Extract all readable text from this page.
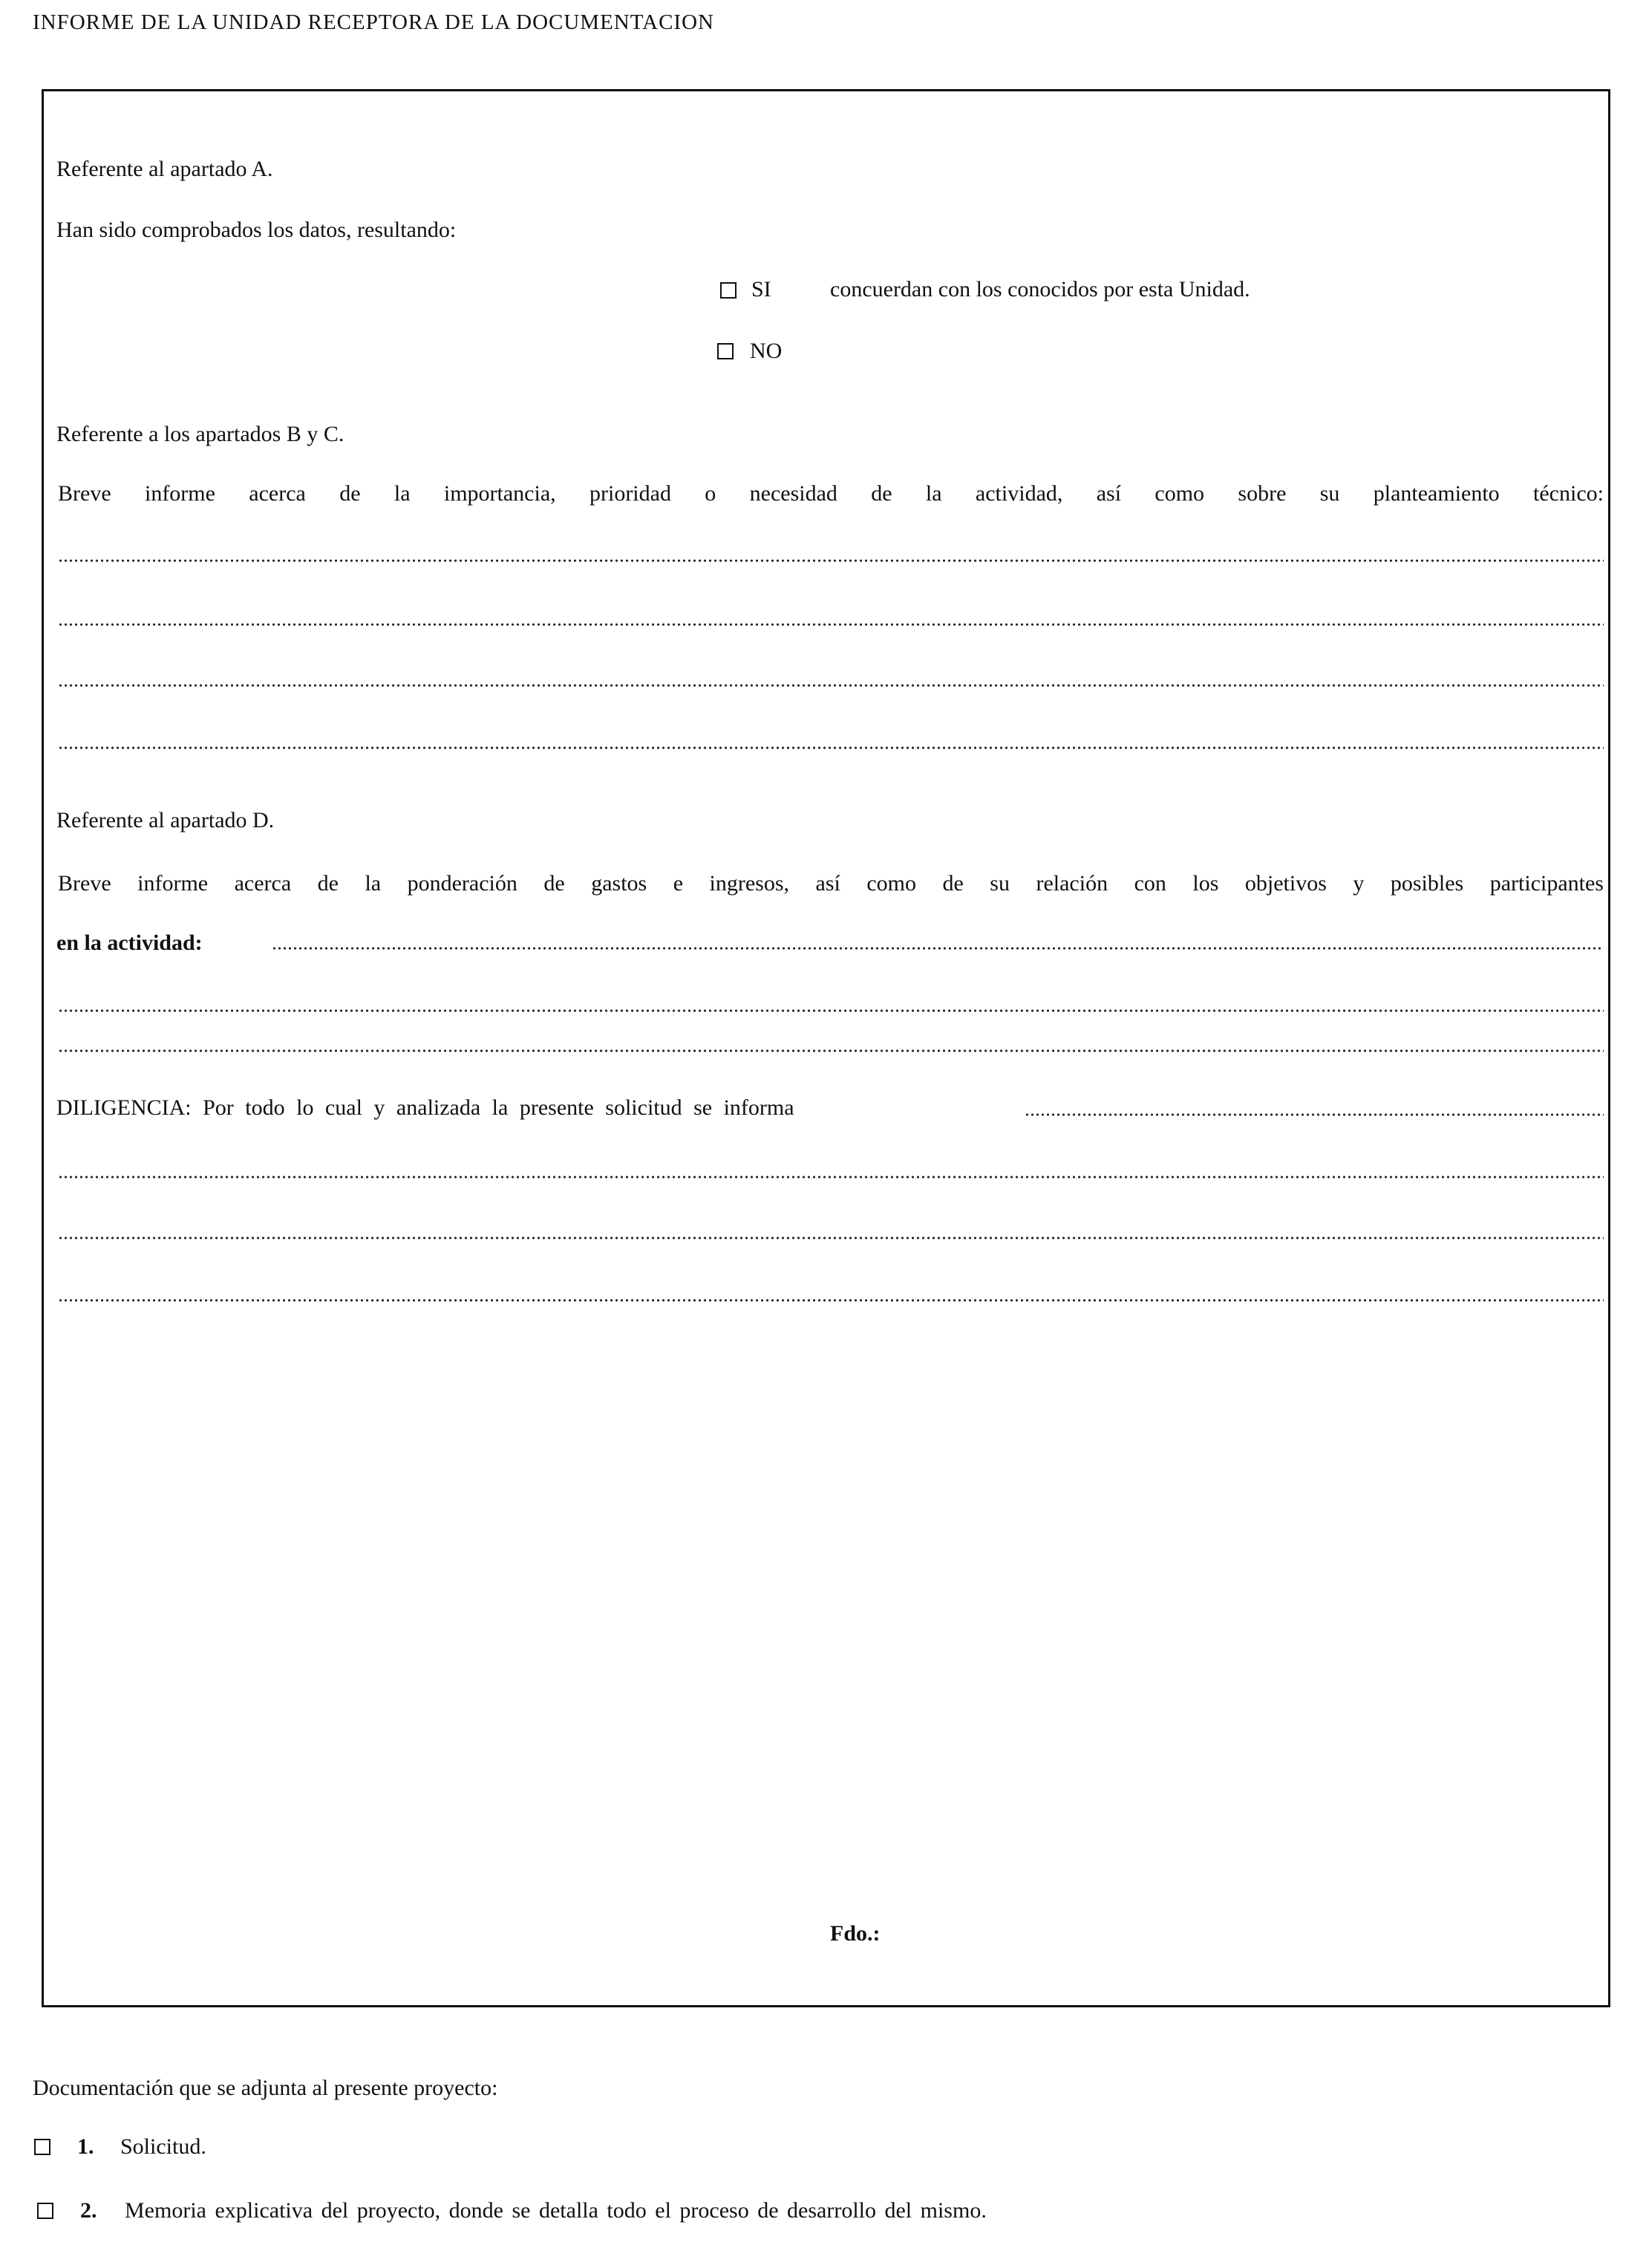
INFORME DE LA UNIDAD RECEPTORA DE LA DOCUMENTACION
Referente al apartado A.
Han sido comprobados los datos, resultando:
SI	concuerdan con los conocidos por esta Unidad.
NO
Referente a los apartados B y C.
Breve informe acerca de la importancia, prioridad o necesidad de la actividad, así como sobre su planteamiento técnico:
Referente al apartado D.
Breve informe acerca de la ponderación de gastos e ingresos, así como de su relación con los objetivos y posibles participantes
en la actividad:
DILIGENCIA: Por todo lo cual y analizada la presente solicitud se informa
Fdo.:
Documentación que se adjunta al presente proyecto:
1. Solicitud.
2. Memoria explicativa del proyecto, donde se detalla todo el proceso de desarrollo del mismo.
